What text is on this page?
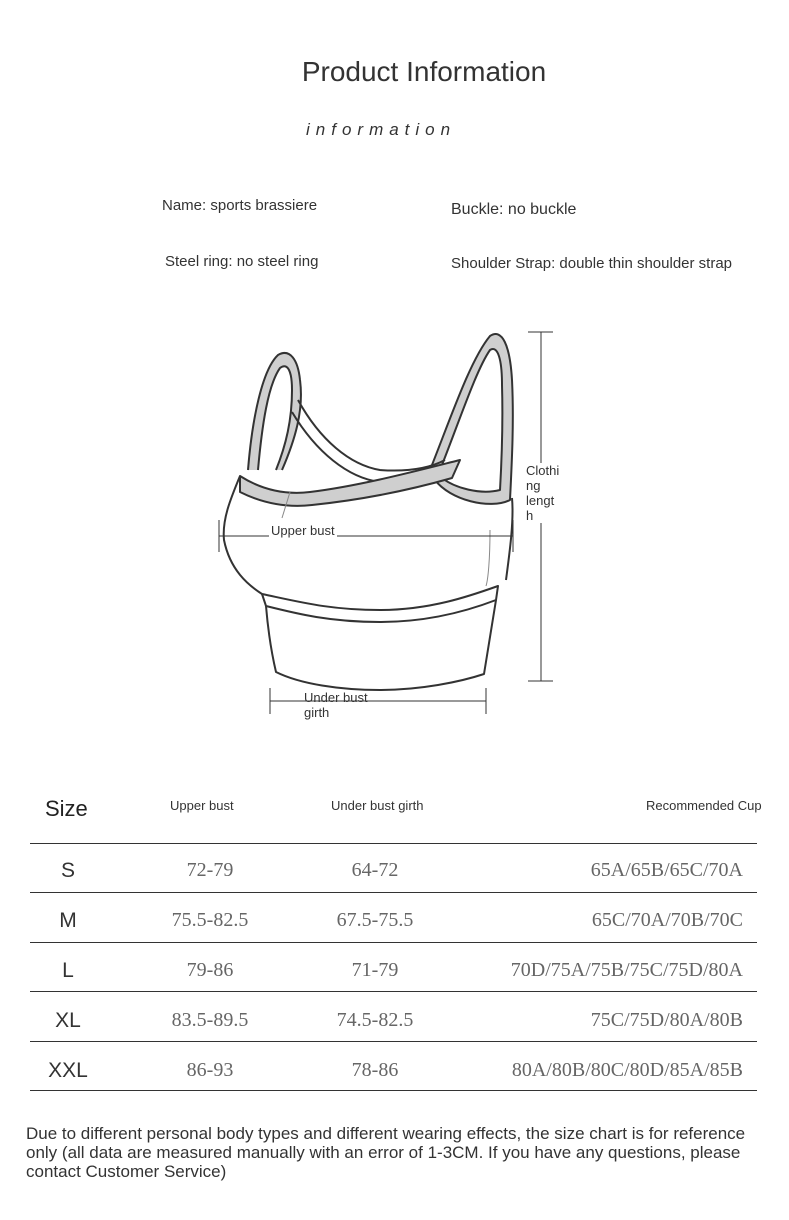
Product Information
information
Name: sports brassiere	Buckle: no buckle
Steel ring: no steel ring	Shoulder Strap: double thin shoulder strap
Upper bust
Under bust
girth
Clothi
ng
lengt
h
Size	Upper bust	Under bust girth	Recommended Cup
S	72-79	64-72	65A/65B/65C/70A
M	75.5-82.5	67.5-75.5	65C/70A/70B/70C
L	79-86	71-79	70D/75A/75B/75C/75D/80A
XL	83.5-89.5	74.5-82.5	75C/75D/80A/80B
XXL	86-93	78-86	80A/80B/80C/80D/85A/85B
Due to different personal body types and different wearing effects, the size chart is for reference only (all data are measured manually with an error of 1-3CM. If you have any questions, please contact Customer Service)
